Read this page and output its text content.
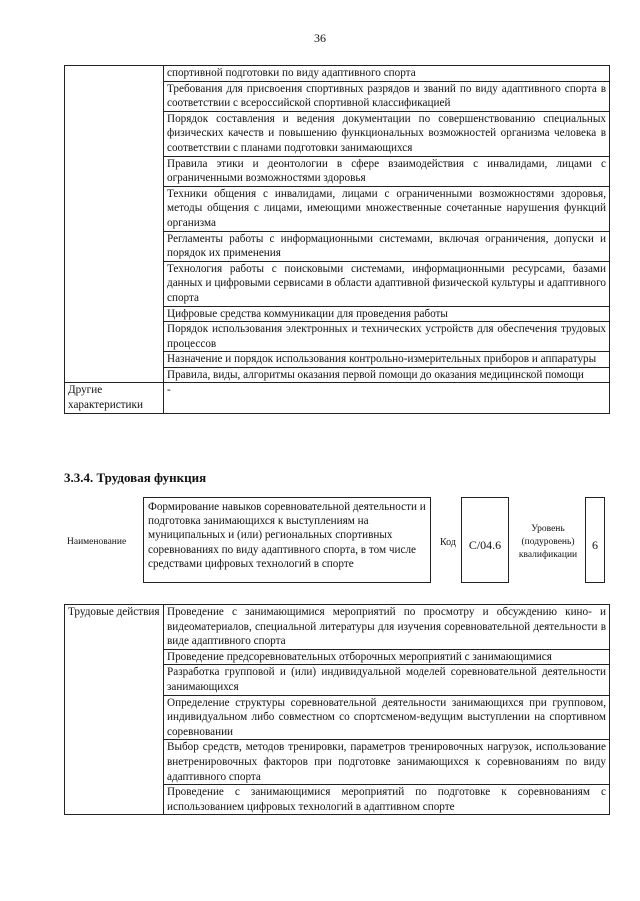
36
	спортивной подготовки по виду адаптивного спорта
	Требования для присвоения спортивных разрядов и званий по виду адаптивного спорта в соответствии с всероссийской спортивной классификацией
	Порядок составления и ведения документации по совершенствованию специальных физических качеств и повышению функциональных возможностей организма человека в соответствии с планами подготовки занимающихся
	Правила этики и деонтологии в сфере взаимодействия с инвалидами, лицами с ограниченными возможностями здоровья
	Техники общения с инвалидами, лицами с ограниченными возможностями здоровья, методы общения с лицами, имеющими множественные сочетанные нарушения функций организма
	Регламенты работы с информационными системами, включая ограничения, допуски и порядок их применения
	Технология работы с поисковыми системами, информационными ресурсами, базами данных и цифровыми сервисами в области адаптивной физической культуры и адаптивного спорта
	Цифровые средства коммуникации для проведения работы
	Порядок использования электронных и технических устройств для обеспечения трудовых процессов
	Назначение и порядок использования контрольно-измерительных приборов и аппаратуры
	Правила, виды, алгоритмы оказания первой помощи до оказания медицинской помощи
Другие характеристики	-
3.3.4. Трудовая функция
Наименование
Формирование навыков соревновательной деятельности и подготовка занимающихся к выступлениям на муниципальных и (или) региональных спортивных соревнованиях по виду адаптивного спорта, в том числе средствами цифровых технологий в спорте
Код	C/04.6
Уровень (подуровень) квалификации
6
Трудовые действия	Проведение с занимающимися мероприятий по просмотру и обсуждению кино- и видеоматериалов, специальной литературы для изучения соревновательной деятельности в виде адаптивного спорта
Проведение предсоревновательных отборочных мероприятий с занимающимися
Разработка групповой и (или) индивидуальной моделей соревновательной деятельности занимающихся
Определение структуры соревновательной деятельности занимающихся при групповом, индивидуальном либо совместном со спортсменом-ведущим выступлении на спортивном соревновании
Выбор средств, методов тренировки, параметров тренировочных нагрузок, использование внетренировочных факторов при подготовке занимающихся к соревнованиям по виду адаптивного спорта
Проведение с занимающимися мероприятий по подготовке к соревнованиям с использованием цифровых технологий в адаптивном спорте
